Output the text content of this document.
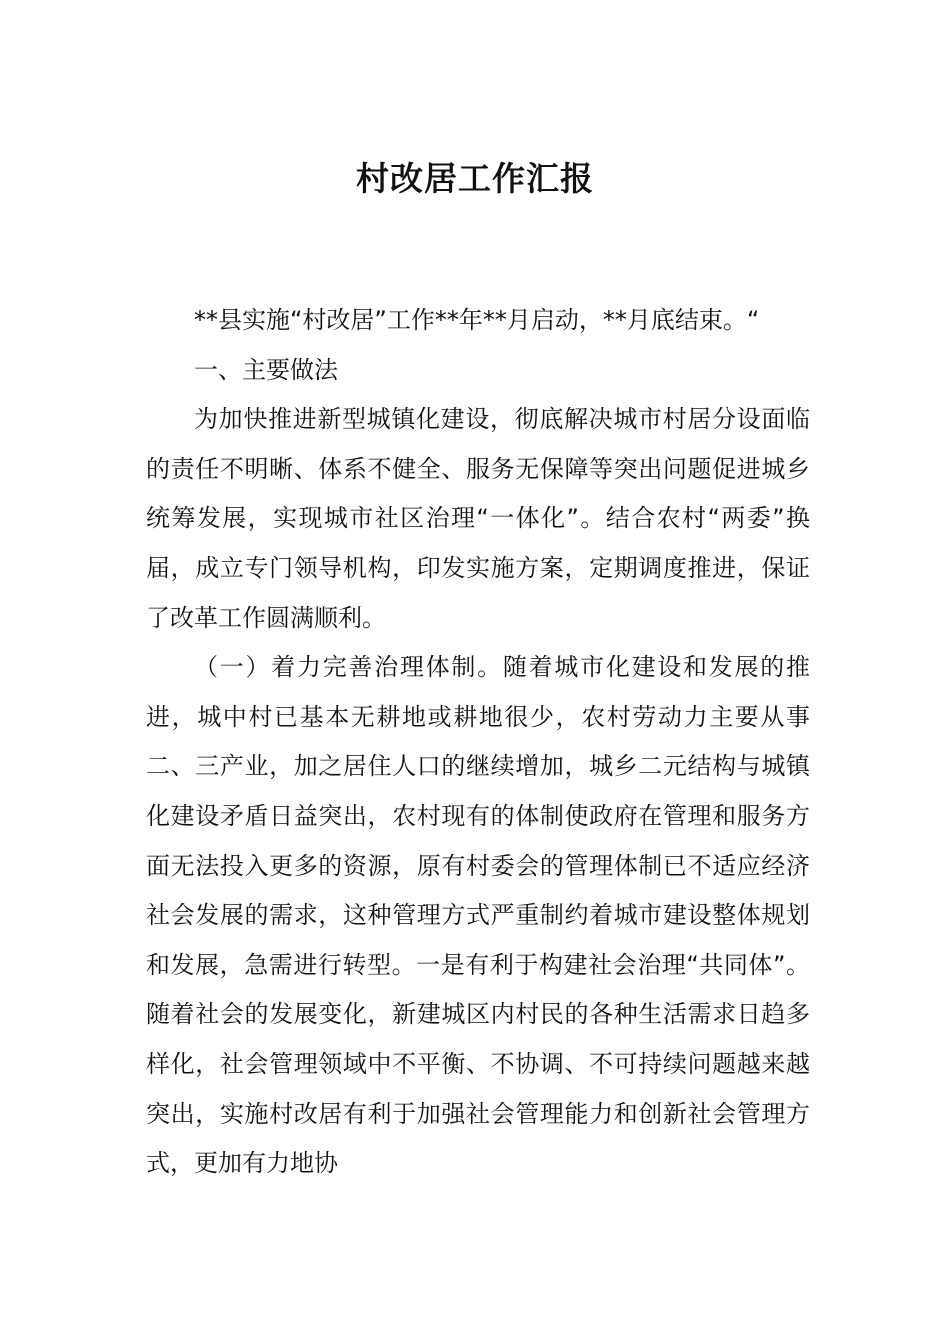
村改居工作汇报

**县实施“村改居”工作**年**月启动，**月底结束。“

一、主要做法

为加快推进新型城镇化建设，彻底解决城市村居分设面临的责任不明晰、体系不健全、服务无保障等突出问题促进城乡统筹发展，实现城市社区治理“一体化”。结合农村“两委”换届，成立专门领导机构，印发实施方案，定期调度推进，保证了改革工作圆满顺利。

（一）着力完善治理体制。随着城市化建设和发展的推进，城中村已基本无耕地或耕地很少，农村劳动力主要从事二、三产业，加之居住人口的继续增加，城乡二元结构与城镇化建设矛盾日益突出，农村现有的体制使政府在管理和服务方面无法投入更多的资源，原有村委会的管理体制已不适应经济社会发展的需求，这种管理方式严重制约着城市建设整体规划和发展，急需进行转型。一是有利于构建社会治理“共同体”。随着社会的发展变化，新建城区内村民的各种生活需求日趋多样化，社会管理领域中不平衡、不协调、不可持续问题越来越突出，实施村改居有利于加强社会管理能力和创新社会管理方式，更加有力地协
